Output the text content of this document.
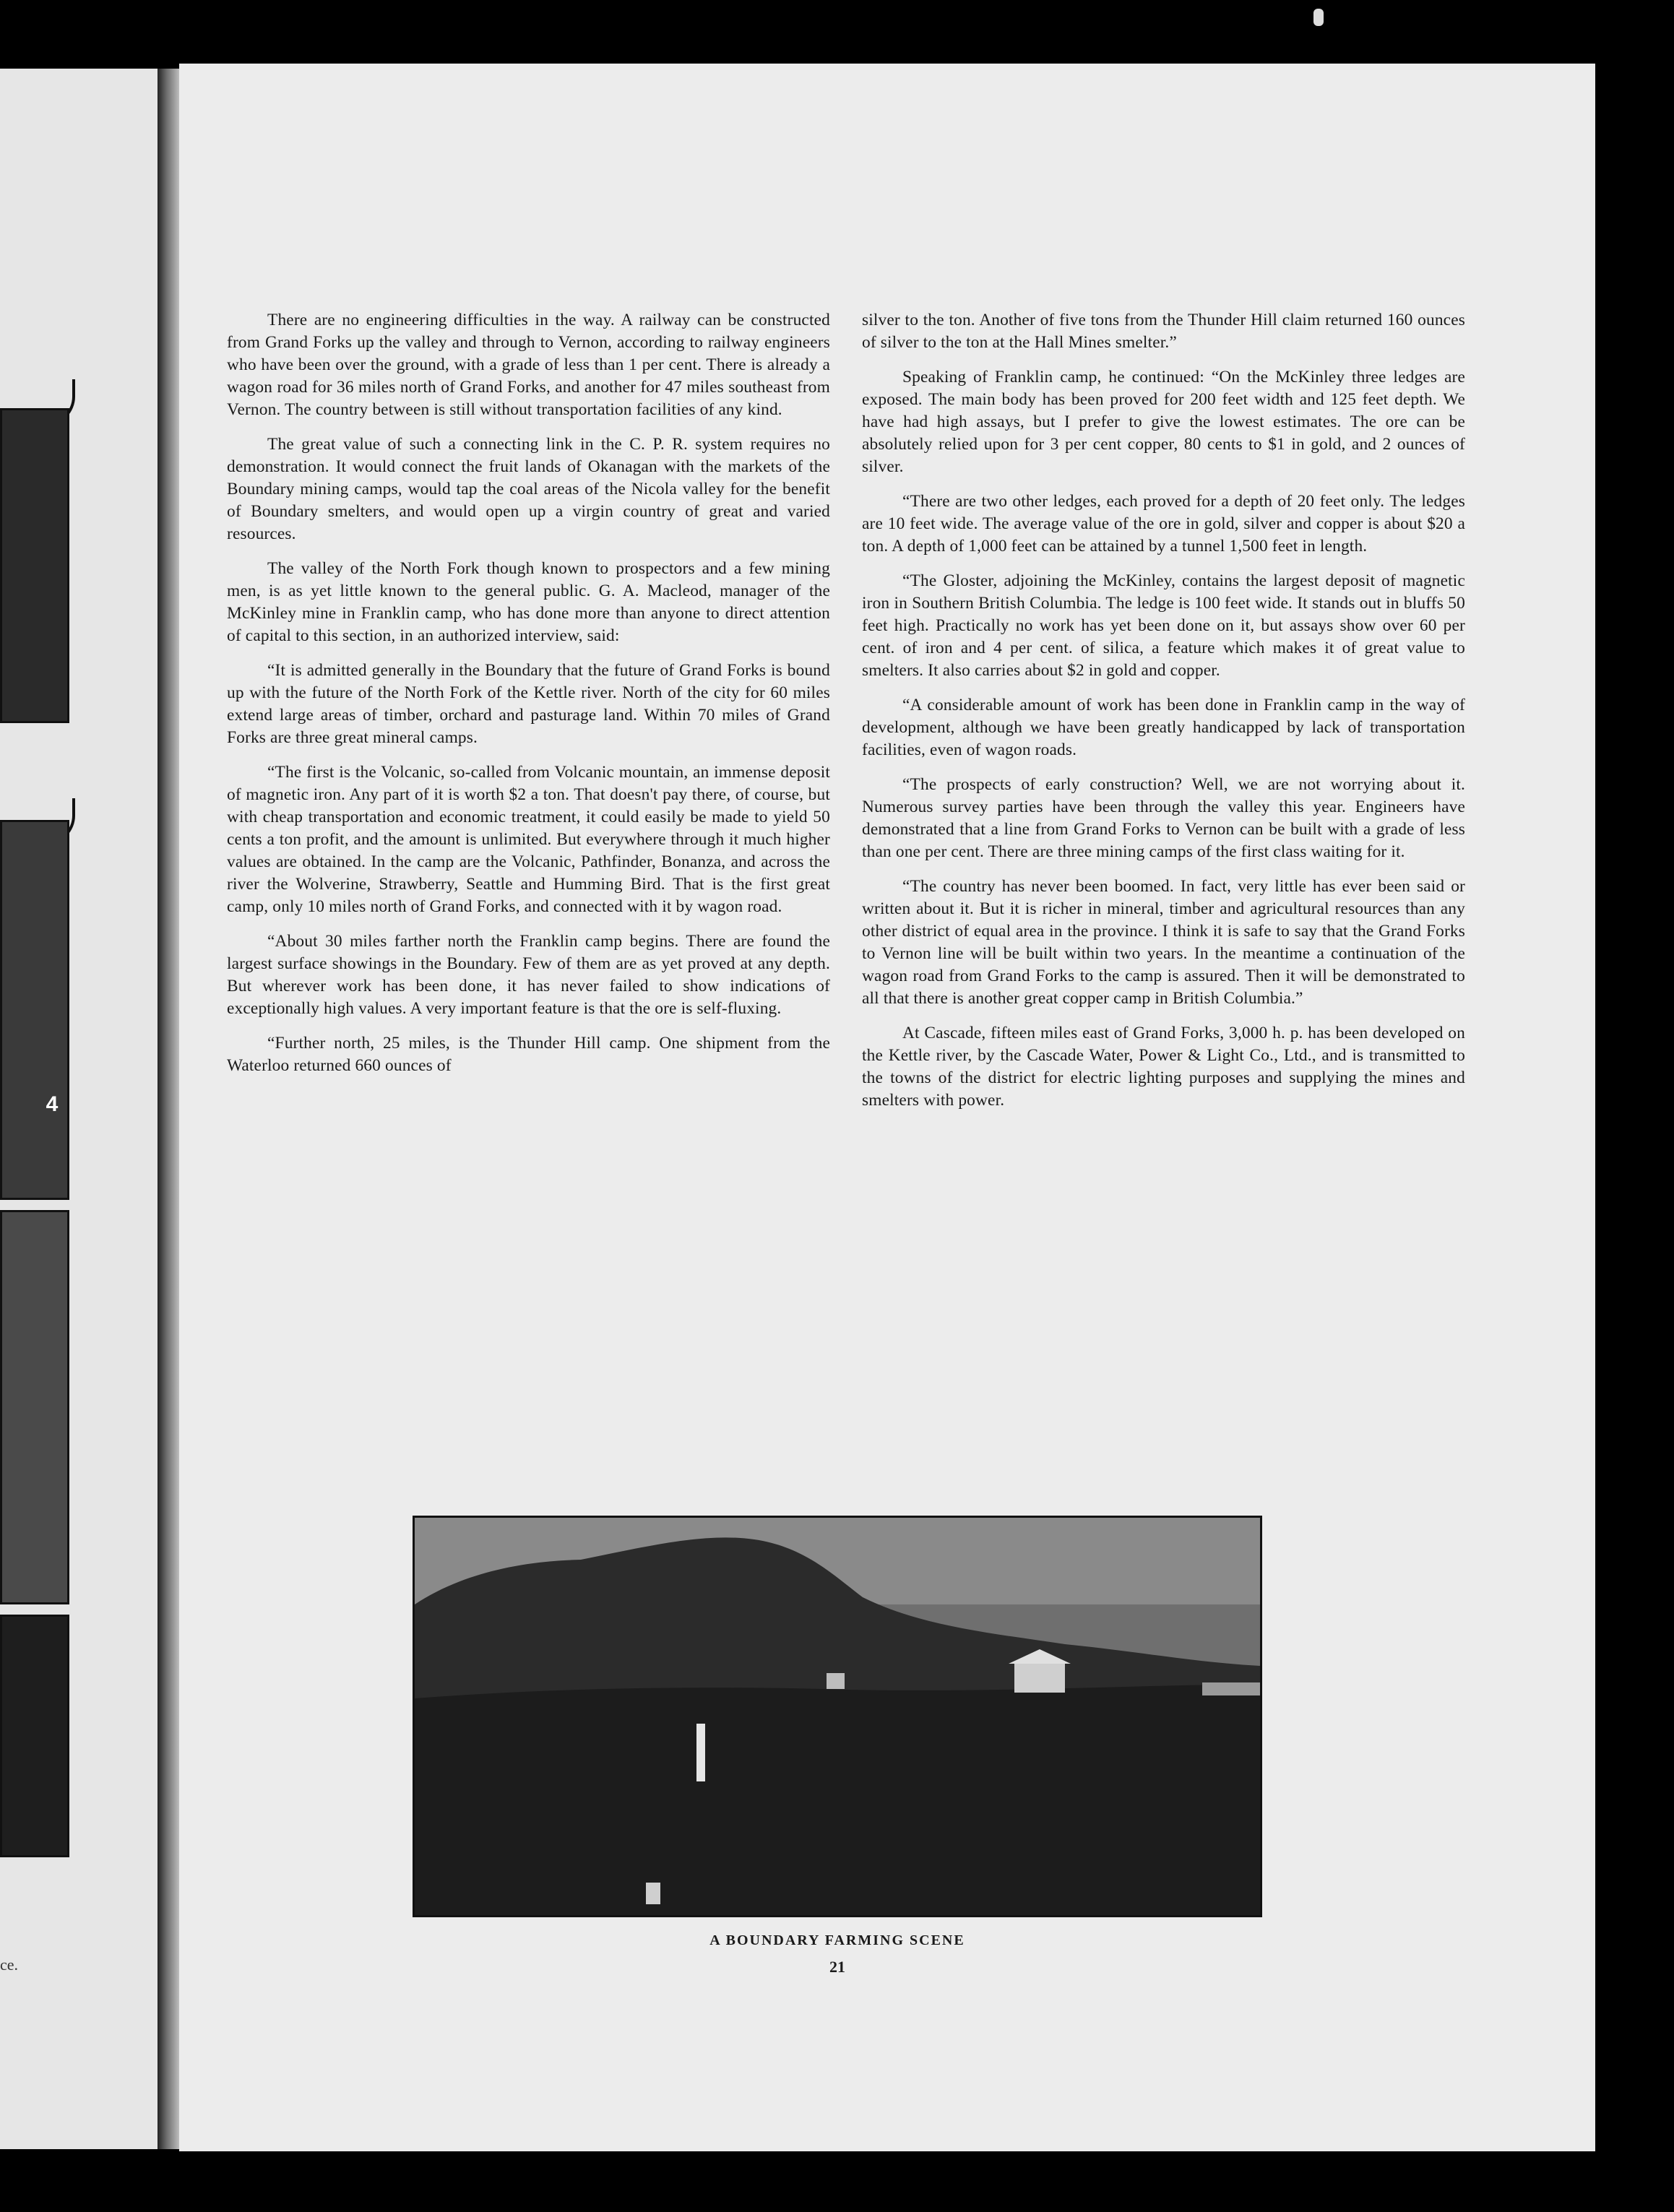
4
ce.

There are no engineering difficulties in the way. A railway can be constructed from Grand Forks up the valley and through to Vernon, according to railway engineers who have been over the ground, with a grade of less than 1 per cent. There is already a wagon road for 36 miles north of Grand Forks, and another for 47 miles southeast from Vernon. The country between is still without transportation facilities of any kind.

The great value of such a connecting link in the C. P. R. system requires no demonstration. It would connect the fruit lands of Okanagan with the markets of the Boundary mining camps, would tap the coal areas of the Nicola valley for the benefit of Boundary smelters, and would open up a virgin country of great and varied resources.

The valley of the North Fork though known to prospectors and a few mining men, is as yet little known to the general public. G. A. Macleod, manager of the McKinley mine in Franklin camp, who has done more than anyone to direct attention of capital to this section, in an authorized interview, said:

“It is admitted generally in the Boundary that the future of Grand Forks is bound up with the future of the North Fork of the Kettle river. North of the city for 60 miles extend large areas of timber, orchard and pasturage land. Within 70 miles of Grand Forks are three great mineral camps.

“The first is the Volcanic, so-called from Volcanic mountain, an immense deposit of magnetic iron. Any part of it is worth $2 a ton. That doesn't pay there, of course, but with cheap transportation and economic treatment, it could easily be made to yield 50 cents a ton profit, and the amount is unlimited. But everywhere through it much higher values are obtained. In the camp are the Volcanic, Pathfinder, Bonanza, and across the river the Wolverine, Strawberry, Seattle and Humming Bird. That is the first great camp, only 10 miles north of Grand Forks, and connected with it by wagon road.

“About 30 miles farther north the Franklin camp begins. There are found the largest surface showings in the Boundary. Few of them are as yet proved at any depth. But wherever work has been done, it has never failed to show indications of exceptionally high values. A very important feature is that the ore is self-fluxing.

“Further north, 25 miles, is the Thunder Hill camp. One shipment from the Waterloo returned 660 ounces of

silver to the ton. Another of five tons from the Thunder Hill claim returned 160 ounces of silver to the ton at the Hall Mines smelter.”

Speaking of Franklin camp, he continued: “On the McKinley three ledges are exposed. The main body has been proved for 200 feet width and 125 feet depth. We have had high assays, but I prefer to give the lowest estimates. The ore can be absolutely relied upon for 3 per cent copper, 80 cents to $1 in gold, and 2 ounces of silver.

“There are two other ledges, each proved for a depth of 20 feet only. The ledges are 10 feet wide. The average value of the ore in gold, silver and copper is about $20 a ton. A depth of 1,000 feet can be attained by a tunnel 1,500 feet in length.

“The Gloster, adjoining the McKinley, contains the largest deposit of magnetic iron in Southern British Columbia. The ledge is 100 feet wide. It stands out in bluffs 50 feet high. Practically no work has yet been done on it, but assays show over 60 per cent. of iron and 4 per cent. of silica, a feature which makes it of great value to smelters. It also carries about $2 in gold and copper.

“A considerable amount of work has been done in Franklin camp in the way of development, although we have been greatly handicapped by lack of transportation facilities, even of wagon roads.

“The prospects of early construction? Well, we are not worrying about it. Numerous survey parties have been through the valley this year. Engineers have demonstrated that a line from Grand Forks to Vernon can be built with a grade of less than one per cent. There are three mining camps of the first class waiting for it.

“The country has never been boomed. In fact, very little has ever been said or written about it. But it is richer in mineral, timber and agricultural resources than any other district of equal area in the province. I think it is safe to say that the Grand Forks to Vernon line will be built within two years. In the meantime a continuation of the wagon road from Grand Forks to the camp is assured. Then it will be demonstrated to all that there is another great copper camp in British Columbia.”

At Cascade, fifteen miles east of Grand Forks, 3,000 h. p. has been developed on the Kettle river, by the Cascade Water, Power & Light Co., Ltd., and is transmitted to the towns of the district for electric lighting purposes and supplying the mines and smelters with power.

A BOUNDARY FARMING SCENE
21
